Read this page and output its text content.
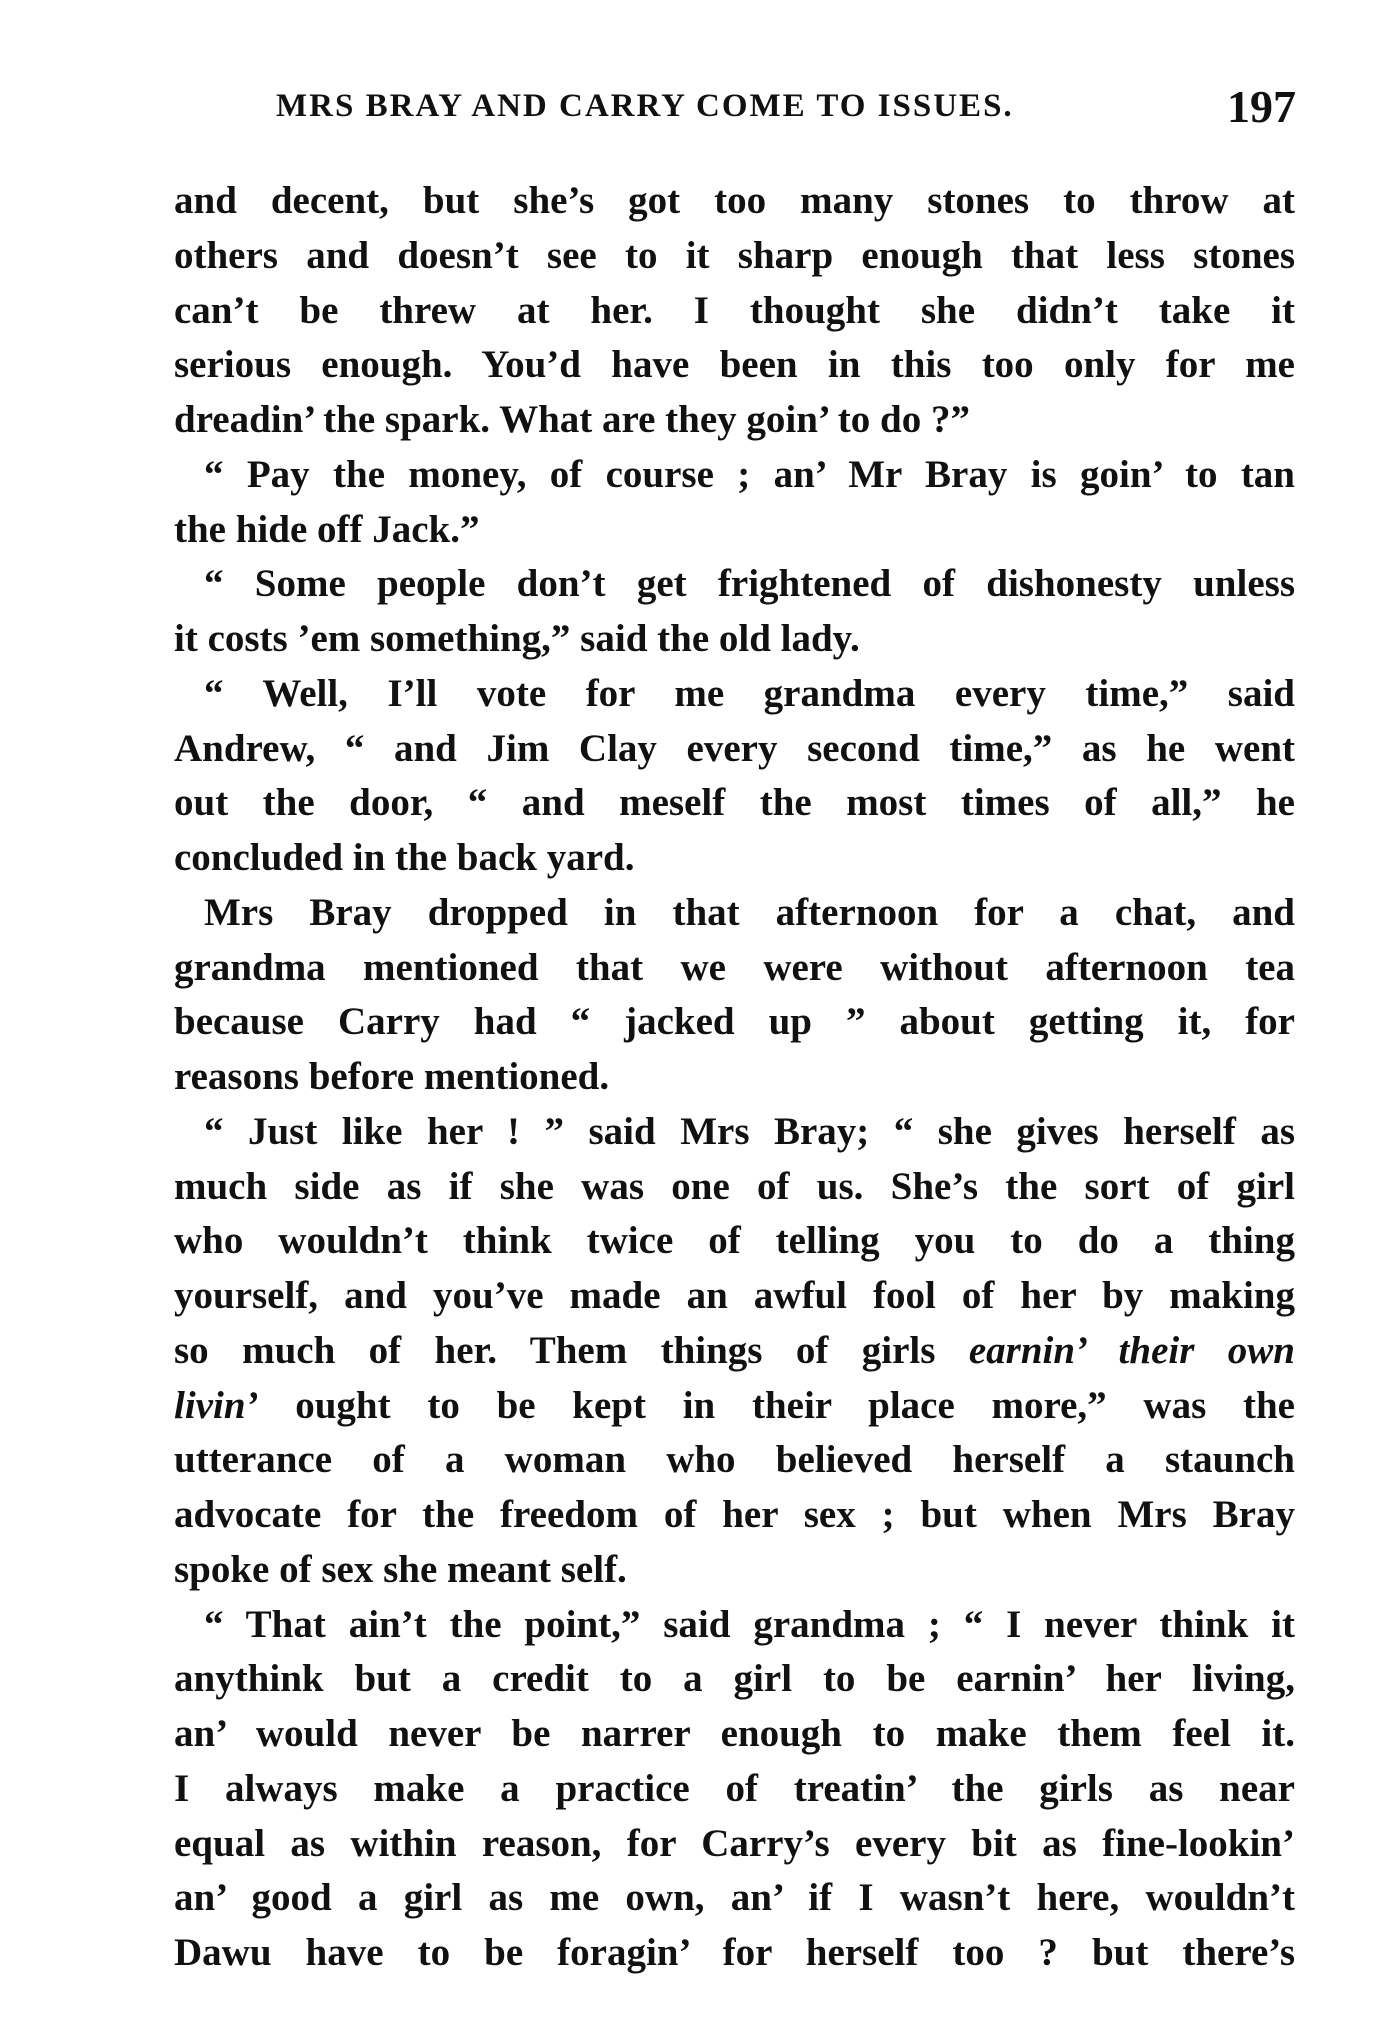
MRS BRAY AND CARRY COME TO ISSUES.	197
and decent, but she’s got too many stones to throw at
others and doesn’t see to it sharp enough that less stones
can’t be threw at her. I thought she didn’t take it
serious enough. You’d have been in this too only for me
dreadin’ the spark. What are they goin’ to do ?”
“ Pay the money, of course ; an’ Mr Bray is goin’ to tan
the hide off Jack.”
“ Some people don’t get frightened of dishonesty unless
it costs ’em something,” said the old lady.
“ Well, I’ll vote for me grandma every time,” said
Andrew, “ and Jim Clay every second time,” as he went
out the door, “ and meself the most times of all,” he
concluded in the back yard.
Mrs Bray dropped in that afternoon for a chat, and
grandma mentioned that we were without afternoon tea
because Carry had “ jacked up ” about getting it, for
reasons before mentioned.
“ Just like her ! ” said Mrs Bray; “ she gives herself as
much side as if she was one of us. She’s the sort of girl
who wouldn’t think twice of telling you to do a thing
yourself, and you’ve made an awful fool of her by making
so much of her. Them things of girls earnin’ their own
livin’ ought to be kept in their place more,” was the
utterance of a woman who believed herself a staunch
advocate for the freedom of her sex ; but when Mrs Bray
spoke of sex she meant self.
“ That ain’t the point,” said grandma ; “ I never think it
anythink but a credit to a girl to be earnin’ her living,
an’ would never be narrer enough to make them feel it.
I always make a practice of treatin’ the girls as near
equal as within reason, for Carry’s every bit as fine-lookin’
an’ good a girl as me own, an’ if I wasn’t here, wouldn’t
Dawu have to be foragin’ for herself too ? but there’s
